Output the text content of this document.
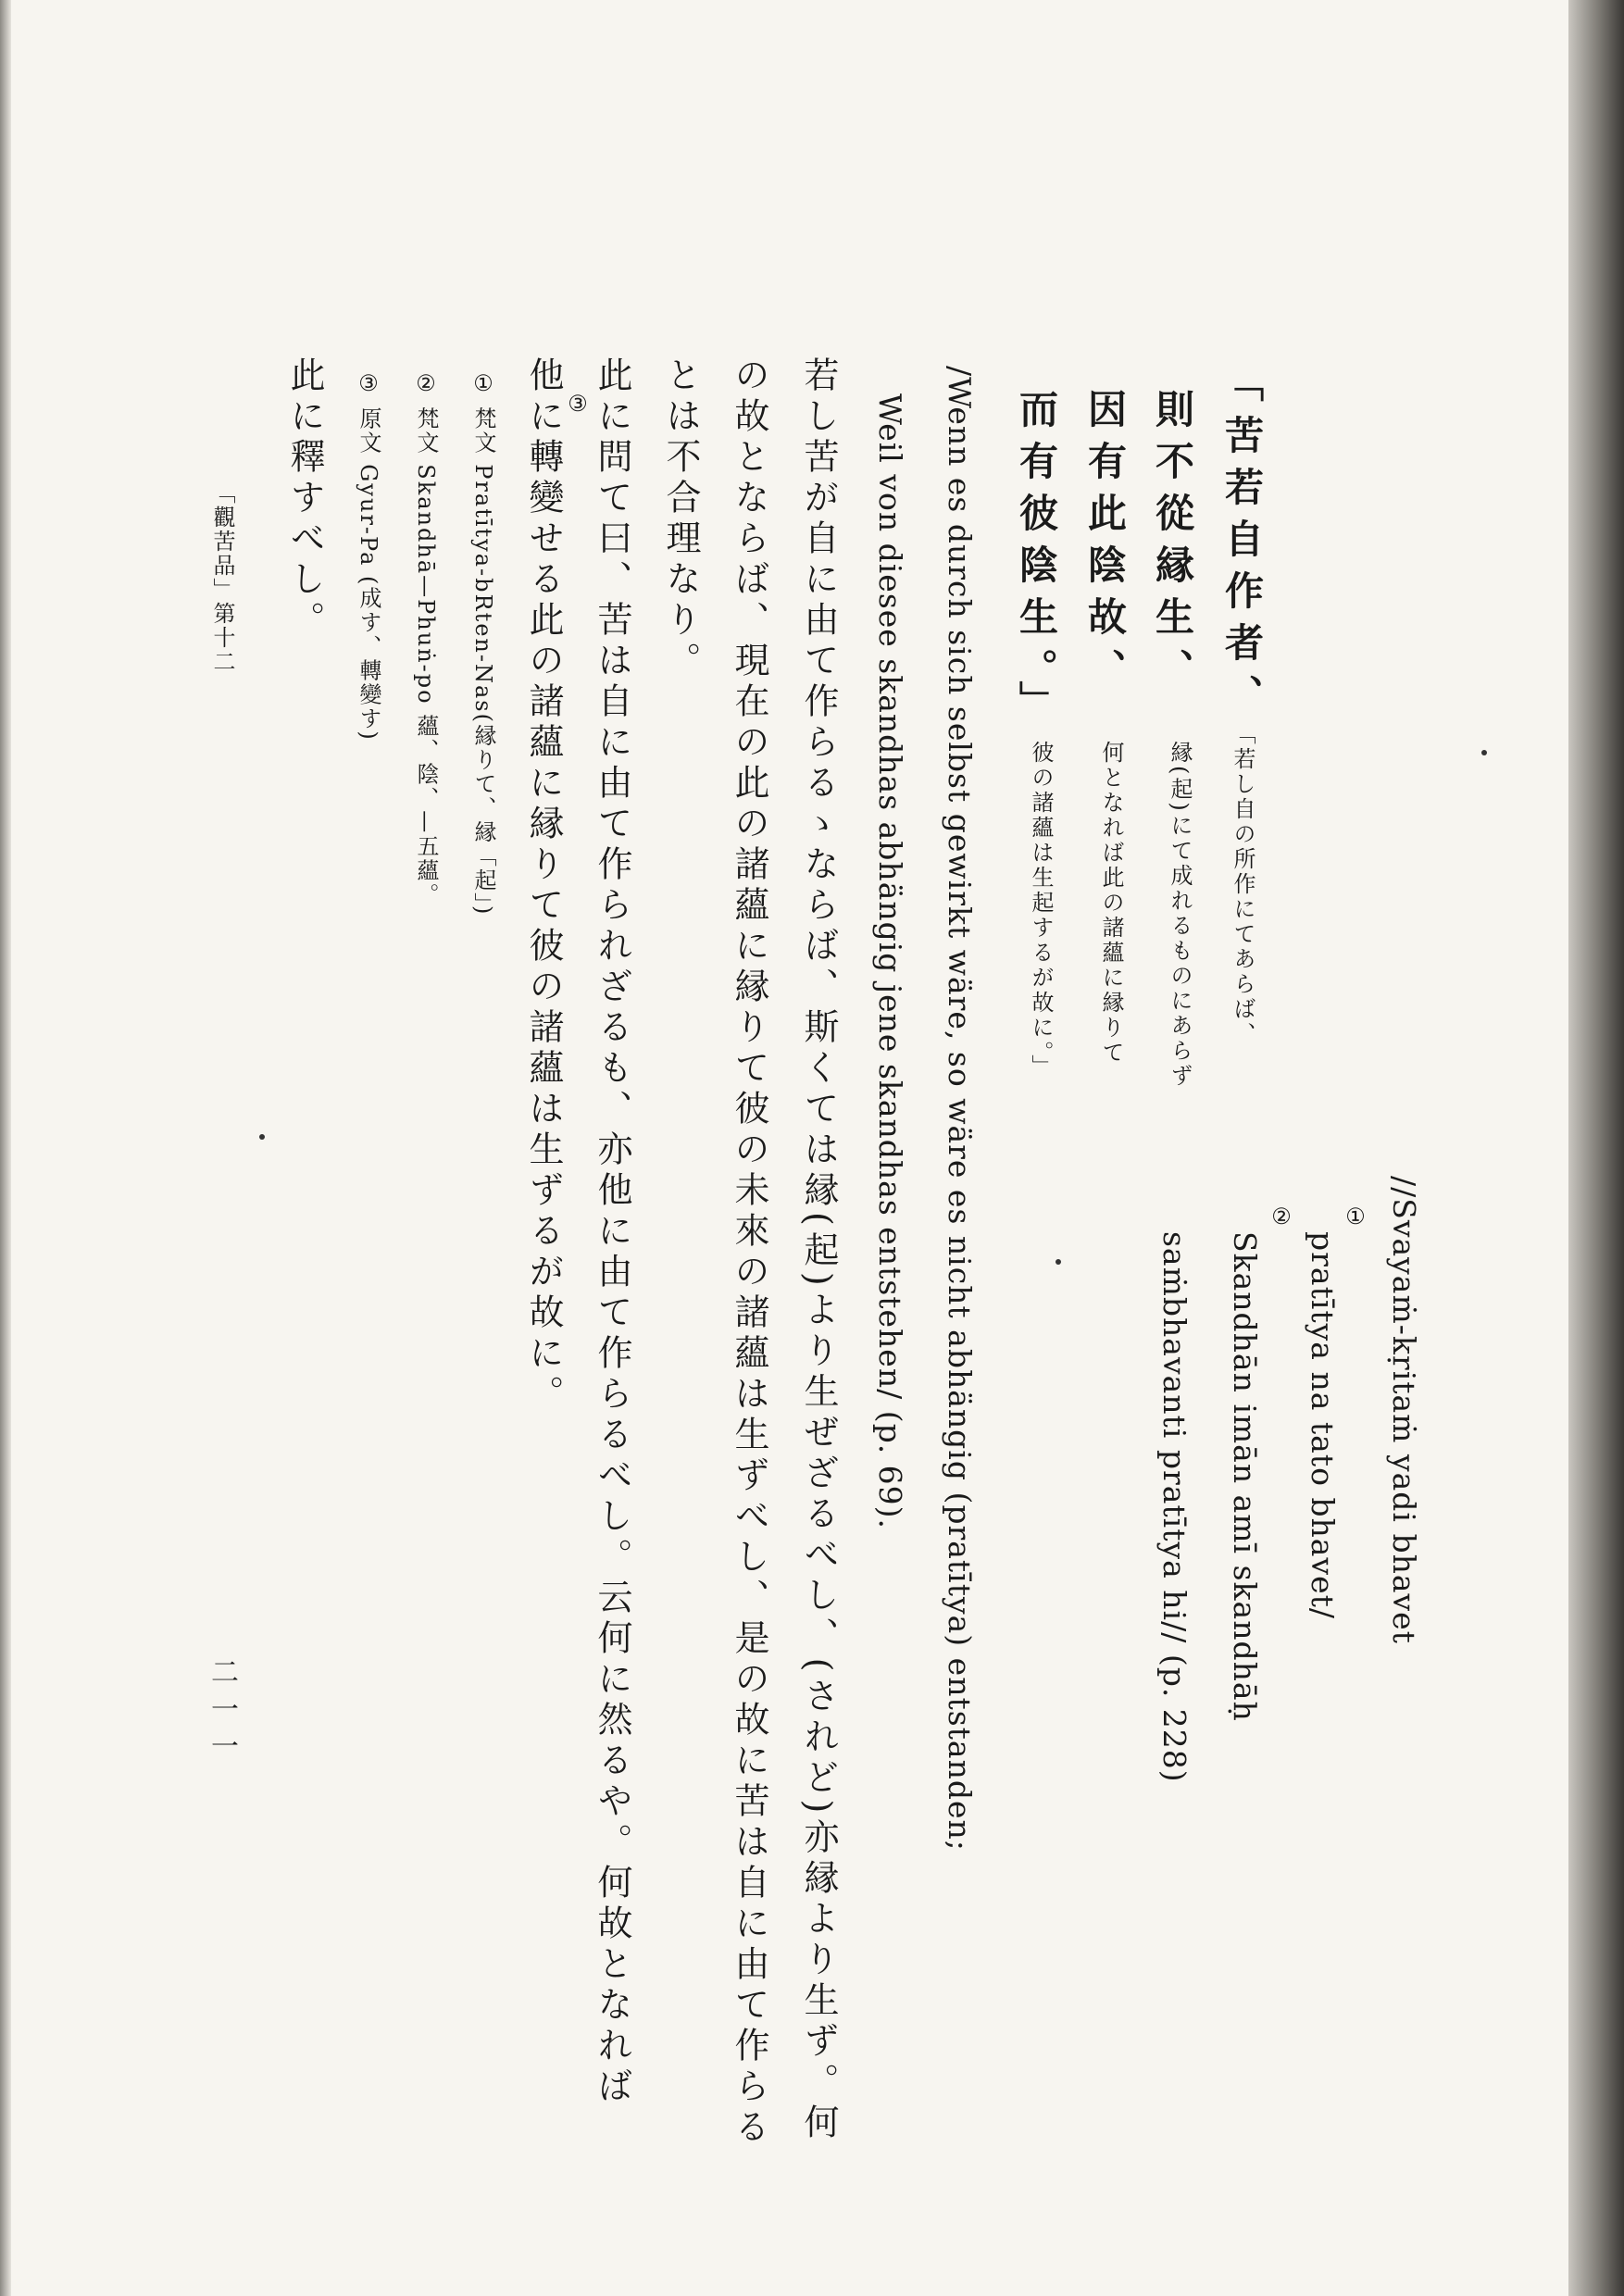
「苦若自作者、
則不從縁生、
因有此陰故、
而有彼陰生。」
「若し自の所作にてあらば、
縁(起)にて成れるものにあらず
何となれば此の諸蘊に縁りて
彼の諸蘊は生起するが故に。」
//Svayaṁ-kṛitaṁ yadi bhavet
①
pratītya na tato bhavet/
②
Skandhān imān amī skandhāḥ
saṁbhavanti pratītya hi// (p. 228)
/Wenn es durch sich selbst gewirkt wäre, so wäre es nicht abhängig (pratītya) entstanden;
Weil von diesee skandhas abhängig jene skandhas entstehen/ (p. 69).
若し苦が自に由て作らるゝならば、斯くては縁(起)より生ぜざるべし、(されど)亦縁より生ず。何
の故とならば、現在の此の諸蘊に縁りて彼の未來の諸蘊は生ずべし、是の故に苦は自に由て作らる
とは不合理なり。
此に問て曰、苦は自に由て作られざるも、亦他に由て作らるべし。云何に然るや。何故となれば
③
他に轉變せる此の諸蘊に縁りて彼の諸蘊は生ずるが故に。
① 梵文 Pratītya-bRten-Nas(縁りて、縁「起」)
② 梵文 Skandhā—Phuṅ-po 蘊、陰、—五蘊。
③ 原文 Gyur-Pa (成す、轉變す)
此に釋すべし。
「觀苦品」第十二
二一一
